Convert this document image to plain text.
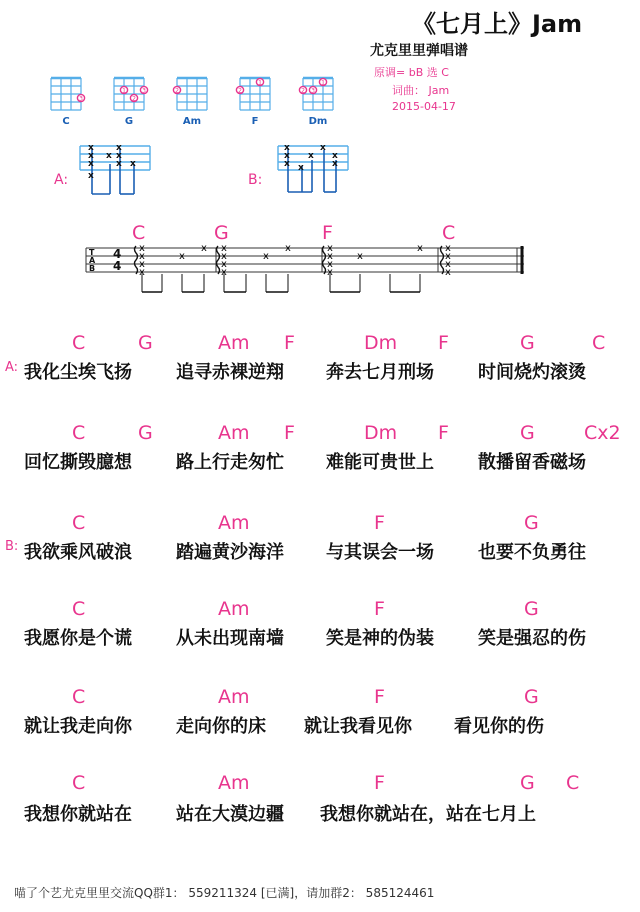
《七月上》Jam
尤克里里弹唱谱
原调= bB 选 C
词曲： Jam
2015-04-17
3
1
2
3	2	2
1
2 3
1
C	G	Am	F	Dm
A:	B:
x
x
x
x
x
x
x
x
x
x
x
x x
x
x
x
x
C	G	F	C
x
x
x
x
x
x
x
x
x
x
x
x
x
x
x
x
x
x
x
x
x
x
T
A
B
4
4
A:
B:
C	G	Am F	Dm F	G	C
我化尘埃飞扬 追寻赤裸逆翔 奔去七月刑场 时间烧灼滚烫
C	G	Am F	Dm F	G	Cx2
回忆撕毁臆想 路上行走匆忙 难能可贵世上 散播留香磁场
C	Am	F	G
我欲乘风破浪 踏遍黄沙海洋 与其误会一场 也要不负勇往
C	Am	F	G
我愿你是个谎 从未出现南墙 笑是神的伪装 笑是强忍的伤
C	Am	F	G
就让我走向你 走向你的床 就让我看见你 看见你的伤
C	Am	F	G C
我想你就站在 站在大漠边疆 我想你就站在，站在七月上
喵了个艺尤克里里交流QQ群1： 559211324 [已满]，请加群2： 585124461
